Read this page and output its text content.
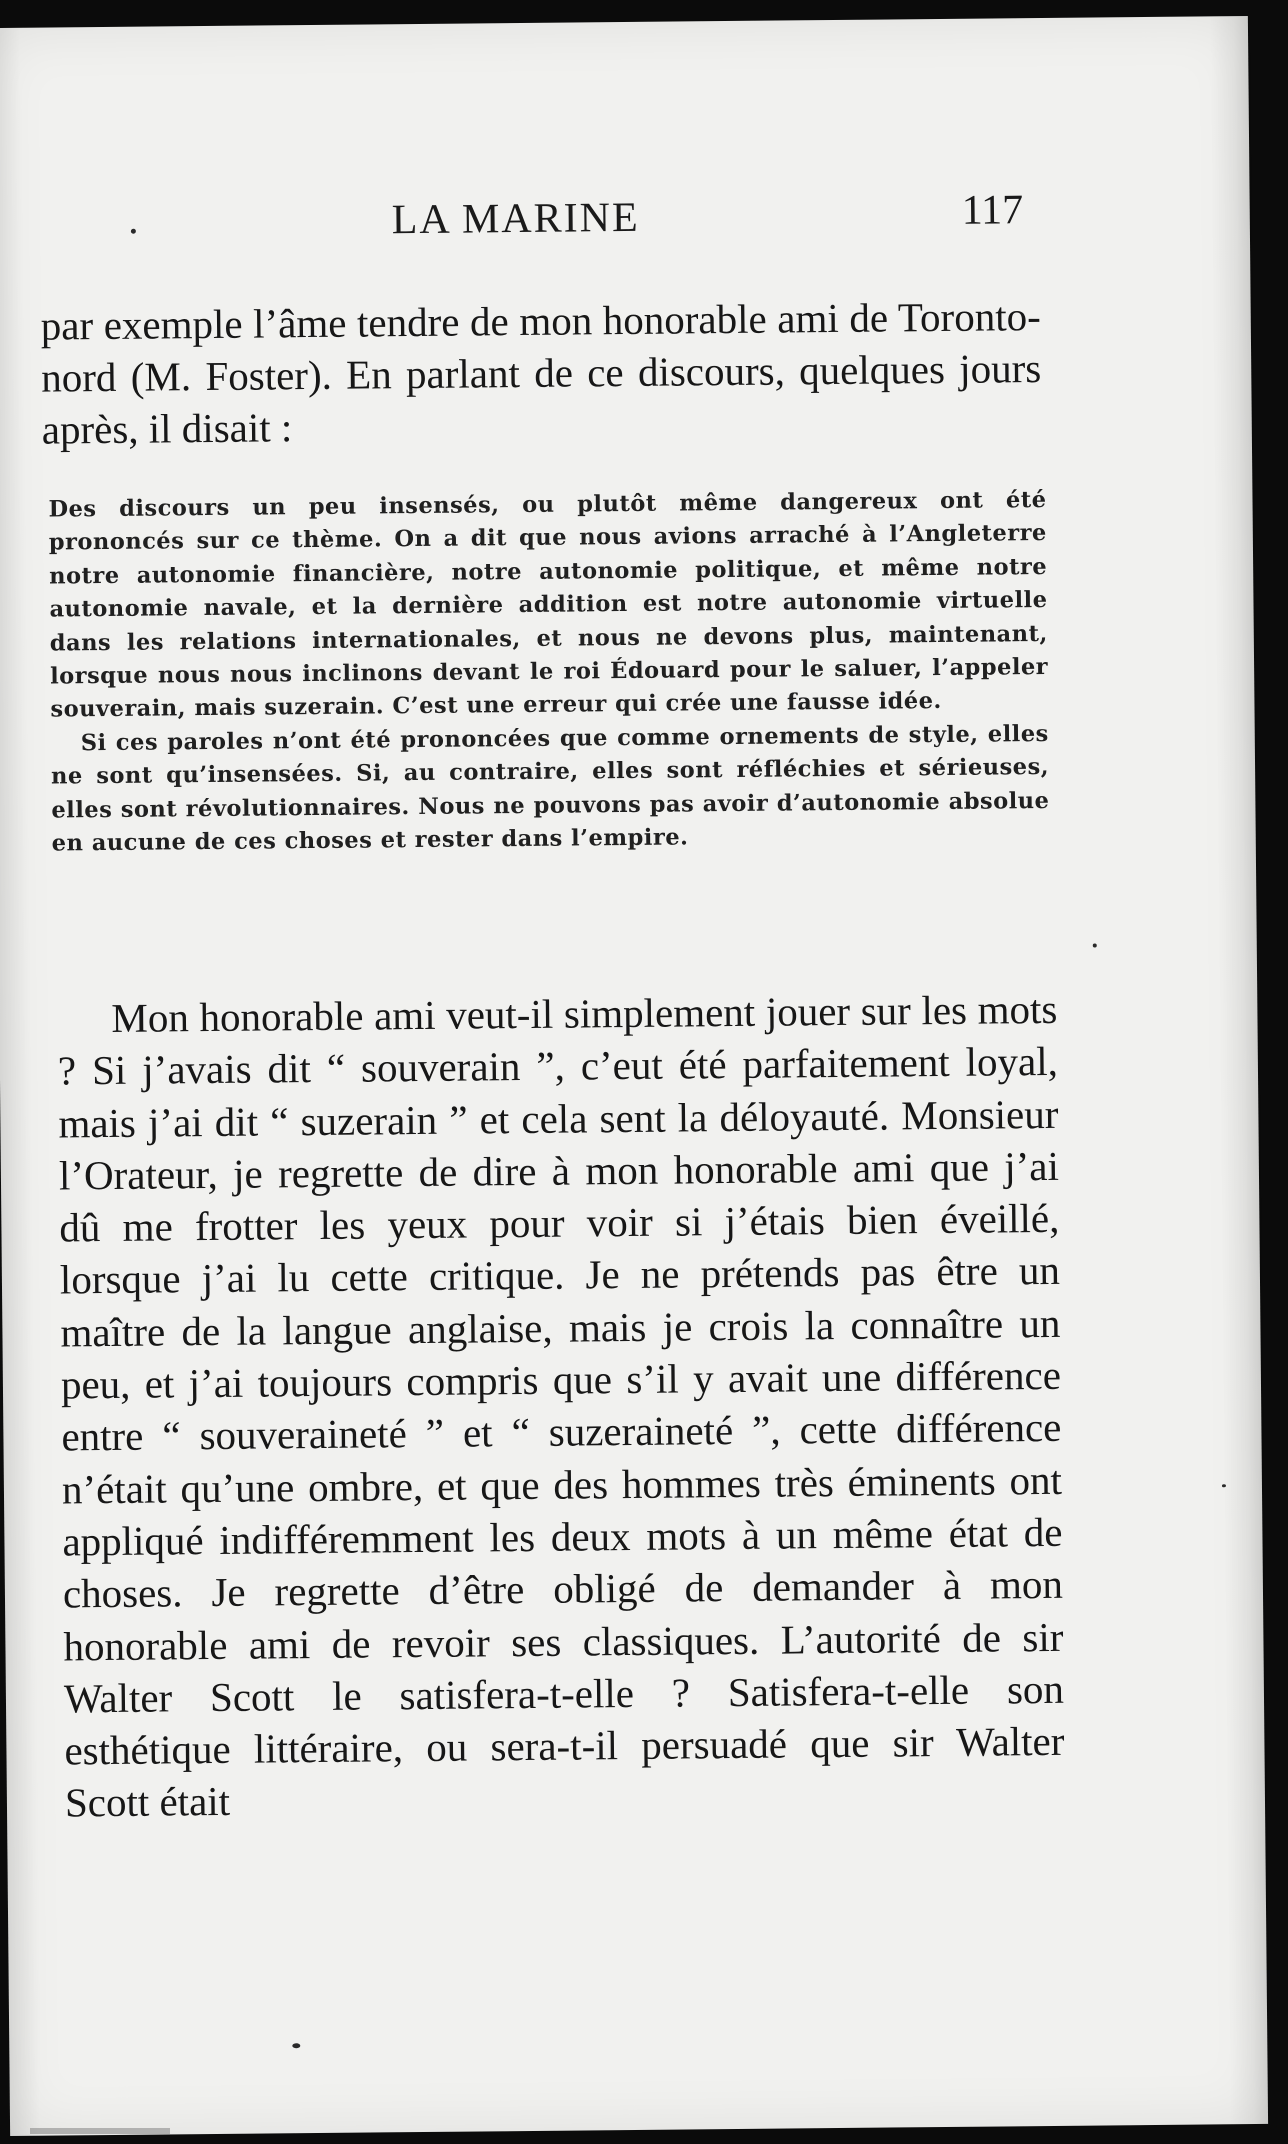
LA MARINE	117

par exemple l’âme tendre de mon honorable ami de Toronto-nord (M. Foster). En parlant de ce discours, quelques jours après, il disait :

Des discours un peu insensés, ou plutôt même dangereux ont été prononcés sur ce thème. On a dit que nous avions arraché à l’Angleterre notre autonomie financière, notre autonomie politique, et même notre autonomie navale, et la dernière addition est notre autonomie virtuelle dans les relations internationales, et nous ne devons plus, maintenant, lorsque nous nous inclinons devant le roi Édouard pour le saluer, l’appeler souverain, mais suzerain. C’est une erreur qui crée une fausse idée.

Si ces paroles n’ont été prononcées que comme ornements de style, elles ne sont qu’insensées. Si, au contraire, elles sont réfléchies et sérieuses, elles sont révolutionnaires. Nous ne pouvons pas avoir d’autonomie absolue en aucune de ces choses et rester dans l’empire.

Mon honorable ami veut-il simplement jouer sur les mots ? Si j’avais dit “ souverain ”, c’eut été parfaitement loyal, mais j’ai dit “ suzerain ” et cela sent la déloyauté. Monsieur l’Orateur, je regrette de dire à mon honorable ami que j’ai dû me frotter les yeux pour voir si j’étais bien éveillé, lorsque j’ai lu cette critique. Je ne prétends pas être un maître de la langue anglaise, mais je crois la connaître un peu, et j’ai toujours compris que s’il y avait une différence entre “ souveraineté ” et “ suzeraineté ”, cette différence n’était qu’une ombre, et que des hommes très éminents ont appliqué indifféremment les deux mots à un même état de choses. Je regrette d’être obligé de demander à mon honorable ami de revoir ses classiques. L’autorité de sir Walter Scott le satisfera-t-elle ? Satisfera-t-elle son esthétique littéraire, ou sera-t-il persuadé que sir Walter Scott était
